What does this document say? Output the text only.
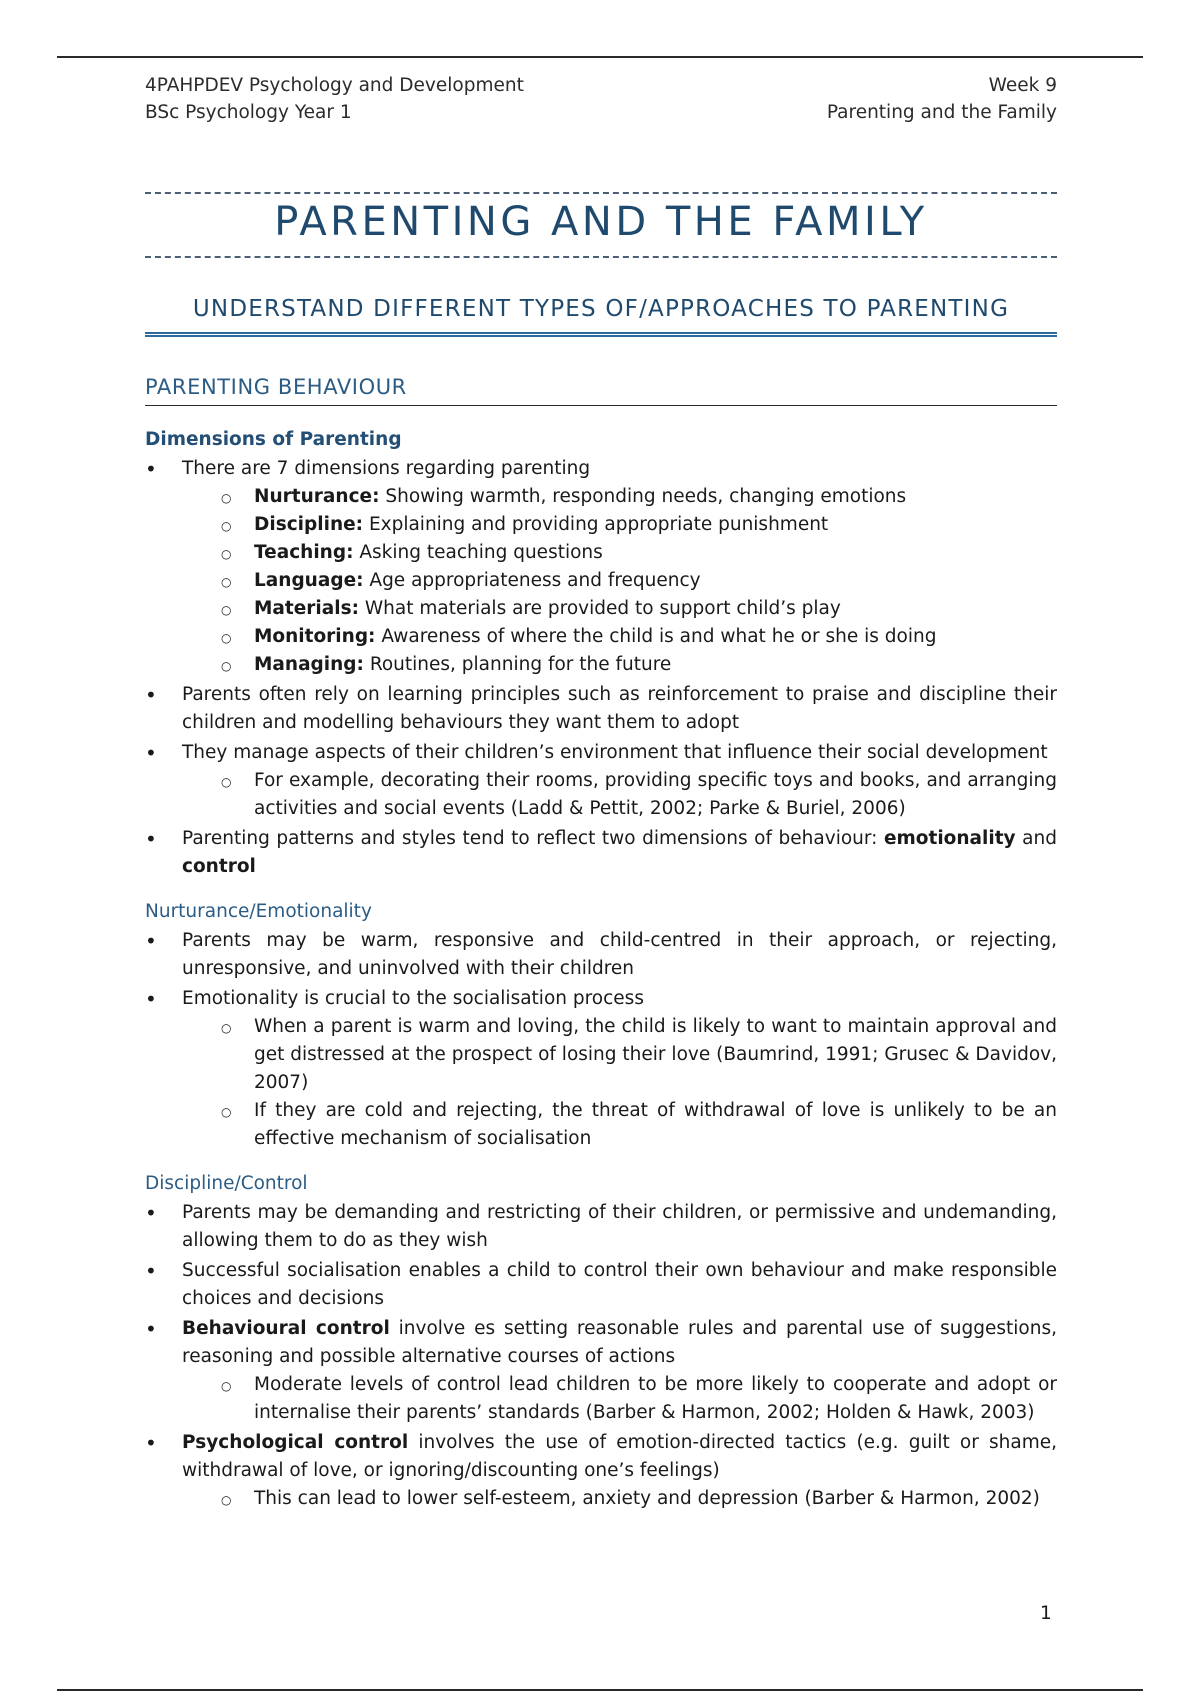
4PAHPDEV Psychology and Development
BSc Psychology Year 1
Week 9
Parenting and the Family
PARENTING AND THE FAMILY
UNDERSTAND DIFFERENT TYPES OF/APPROACHES TO PARENTING
PARENTING BEHAVIOUR
Dimensions of Parenting
• There are 7 dimensions regarding parenting
○ Nurturance: Showing warmth, responding needs, changing emotions
○ Discipline: Explaining and providing appropriate punishment
○ Teaching: Asking teaching questions
○ Language: Age appropriateness and frequency
○ Materials: What materials are provided to support child’s play
○ Monitoring: Awareness of where the child is and what he or she is doing
○ Managing: Routines, planning for the future
• Parents often rely on learning principles such as reinforcement to praise and discipline their children and modelling behaviours they want them to adopt
• They manage aspects of their children’s environment that influence their social development
○ For example, decorating their rooms, providing specific toys and books, and arranging activities and social events (Ladd & Pettit, 2002; Parke & Buriel, 2006)
• Parenting patterns and styles tend to reflect two dimensions of behaviour: emotionality and control
Nurturance/Emotionality
• Parents may be warm, responsive and child-centred in their approach, or rejecting, unresponsive, and uninvolved with their children
• Emotionality is crucial to the socialisation process
○ When a parent is warm and loving, the child is likely to want to maintain approval and get distressed at the prospect of losing their love (Baumrind, 1991; Grusec & Davidov, 2007)
○ If they are cold and rejecting, the threat of withdrawal of love is unlikely to be an effective mechanism of socialisation
Discipline/Control
• Parents may be demanding and restricting of their children, or permissive and undemanding, allowing them to do as they wish
• Successful socialisation enables a child to control their own behaviour and make responsible choices and decisions
• Behavioural control involve es setting reasonable rules and parental use of suggestions, reasoning and possible alternative courses of actions
○ Moderate levels of control lead children to be more likely to cooperate and adopt or internalise their parents’ standards (Barber & Harmon, 2002; Holden & Hawk, 2003)
• Psychological control involves the use of emotion-directed tactics (e.g. guilt or shame, withdrawal of love, or ignoring/discounting one’s feelings)
○ This can lead to lower self-esteem, anxiety and depression (Barber & Harmon, 2002)
1
